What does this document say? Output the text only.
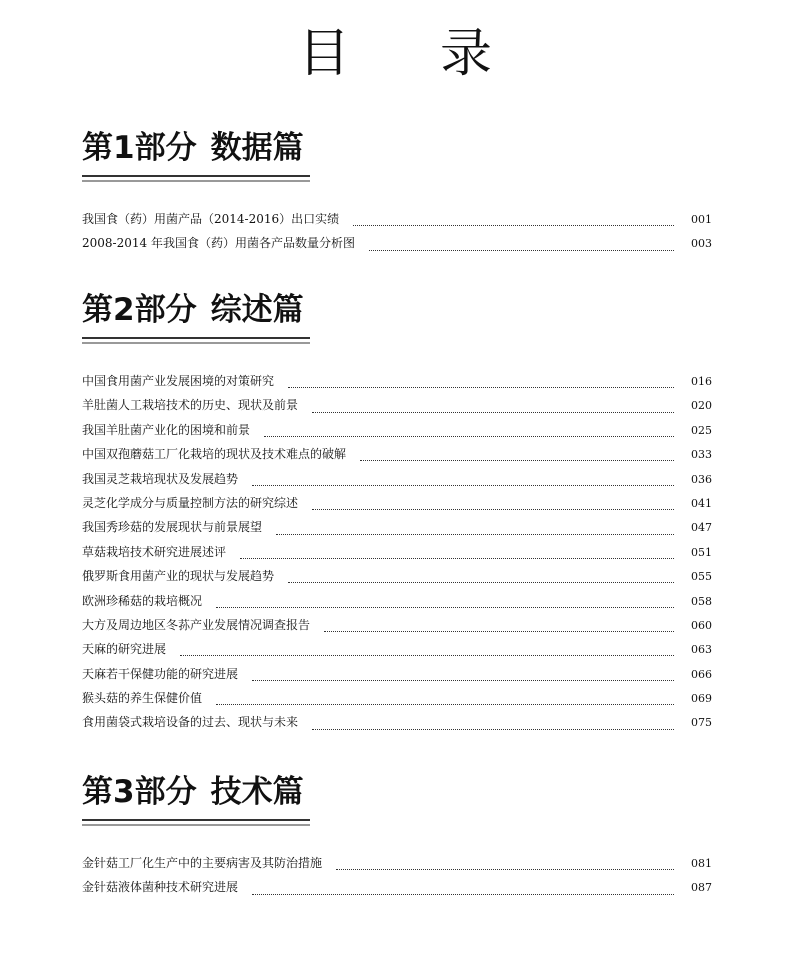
目 录
第1部分 数据篇
我国食（药）用菌产品（2014-2016）出口实绩	001
2008-2014 年我国食（药）用菌各产品数量分析图	003
第2部分 综述篇
中国食用菌产业发展困境的对策研究	016
羊肚菌人工栽培技术的历史、现状及前景	020
我国羊肚菌产业化的困境和前景	025
中国双孢蘑菇工厂化栽培的现状及技术难点的破解	033
我国灵芝栽培现状及发展趋势	036
灵芝化学成分与质量控制方法的研究综述	041
我国秀珍菇的发展现状与前景展望	047
草菇栽培技术研究进展述评	051
俄罗斯食用菌产业的现状与发展趋势	055
欧洲珍稀菇的栽培概况	058
大方及周边地区冬荪产业发展情况调查报告	060
天麻的研究进展	063
天麻若干保健功能的研究进展	066
猴头菇的养生保健价值	069
食用菌袋式栽培设备的过去、现状与未来	075
第3部分 技术篇
金针菇工厂化生产中的主要病害及其防治措施	081
金针菇液体菌种技术研究进展	087
